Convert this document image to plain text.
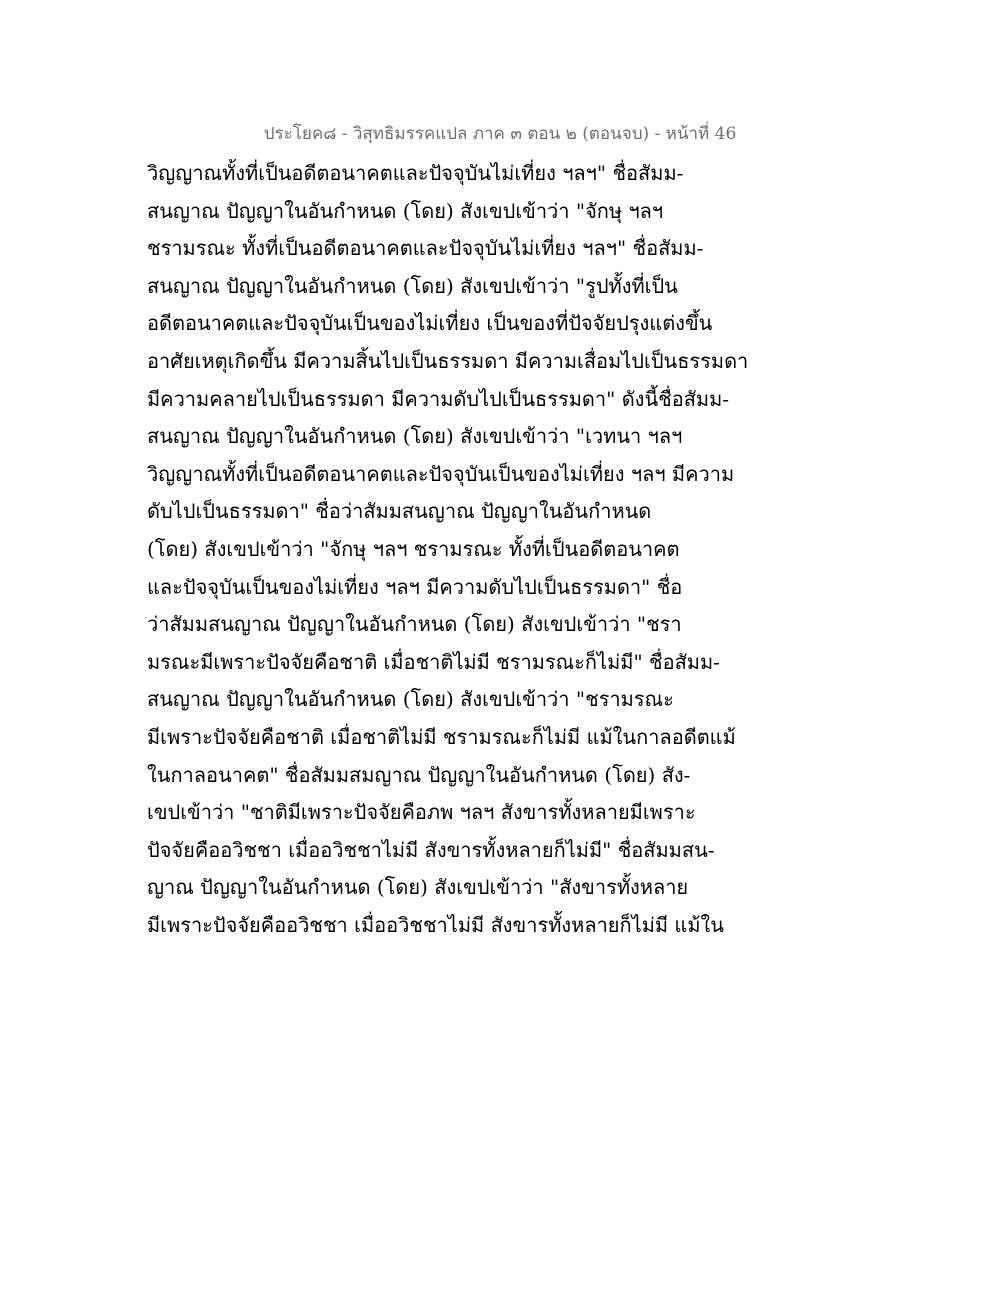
ประโยค๘ - วิสุทธิมรรคแปล ภาค ๓ ตอน ๒ (ตอนจบ) - หน้าที่ 46
วิญญาณทั้งที่เป็นอดีตอนาคตและปัจจุบันไม่เที่ยง ฯลฯ" ชื่อสัมม-
สนญาณ ปัญญาในอันกำหนด (โดย) สังเขปเข้าว่า "จักษุ ฯลฯ
ชรามรณะ ทั้งที่เป็นอดีตอนาคตและปัจจุบันไม่เที่ยง ฯลฯ" ชื่อสัมม-
สนญาณ ปัญญาในอันกำหนด (โดย) สังเขปเข้าว่า "รูปทั้งที่เป็น
อดีตอนาคตและปัจจุบันเป็นของไม่เที่ยง เป็นของที่ปัจจัยปรุงแต่งขึ้น
อาศัยเหตุเกิดขึ้น มีความสิ้นไปเป็นธรรมดา มีความเสื่อมไปเป็นธรรมดา
มีความคลายไปเป็นธรรมดา มีความดับไปเป็นธรรมดา" ดังนี้ชื่อสัมม-
สนญาณ ปัญญาในอันกำหนด (โดย) สังเขปเข้าว่า "เวทนา ฯลฯ
วิญญาณทั้งที่เป็นอดีตอนาคตและปัจจุบันเป็นของไม่เที่ยง ฯลฯ มีความ
ดับไปเป็นธรรมดา" ชื่อว่าสัมมสนญาณ ปัญญาในอันกำหนด
(โดย) สังเขปเข้าว่า "จักษุ ฯลฯ ชรามรณะ ทั้งที่เป็นอดีตอนาคต
และปัจจุบันเป็นของไม่เที่ยง ฯลฯ มีความดับไปเป็นธรรมดา" ชื่อ
ว่าสัมมสนญาณ ปัญญาในอันกำหนด (โดย) สังเขปเข้าว่า "ชรา
มรณะมีเพราะปัจจัยคือชาติ เมื่อชาติไม่มี ชรามรณะก็ไม่มี" ชื่อสัมม-
สนญาณ ปัญญาในอันกำหนด (โดย) สังเขปเข้าว่า "ชรามรณะ
มีเพราะปัจจัยคือชาติ เมื่อชาติไม่มี ชรามรณะก็ไม่มี แม้ในกาลอดีตแม้
ในกาลอนาคต" ชื่อสัมมสมญาณ ปัญญาในอันกำหนด (โดย) สัง-
เขปเข้าว่า "ชาติมีเพราะปัจจัยคือภพ ฯลฯ สังขารทั้งหลายมีเพราะ
ปัจจัยคืออวิชชา เมื่ออวิชชาไม่มี สังขารทั้งหลายก็ไม่มี" ชื่อสัมมสน-
ญาณ ปัญญาในอันกำหนด (โดย) สังเขปเข้าว่า "สังขารทั้งหลาย
มีเพราะปัจจัยคืออวิชชา เมื่ออวิชชาไม่มี สังขารทั้งหลายก็ไม่มี แม้ใน
